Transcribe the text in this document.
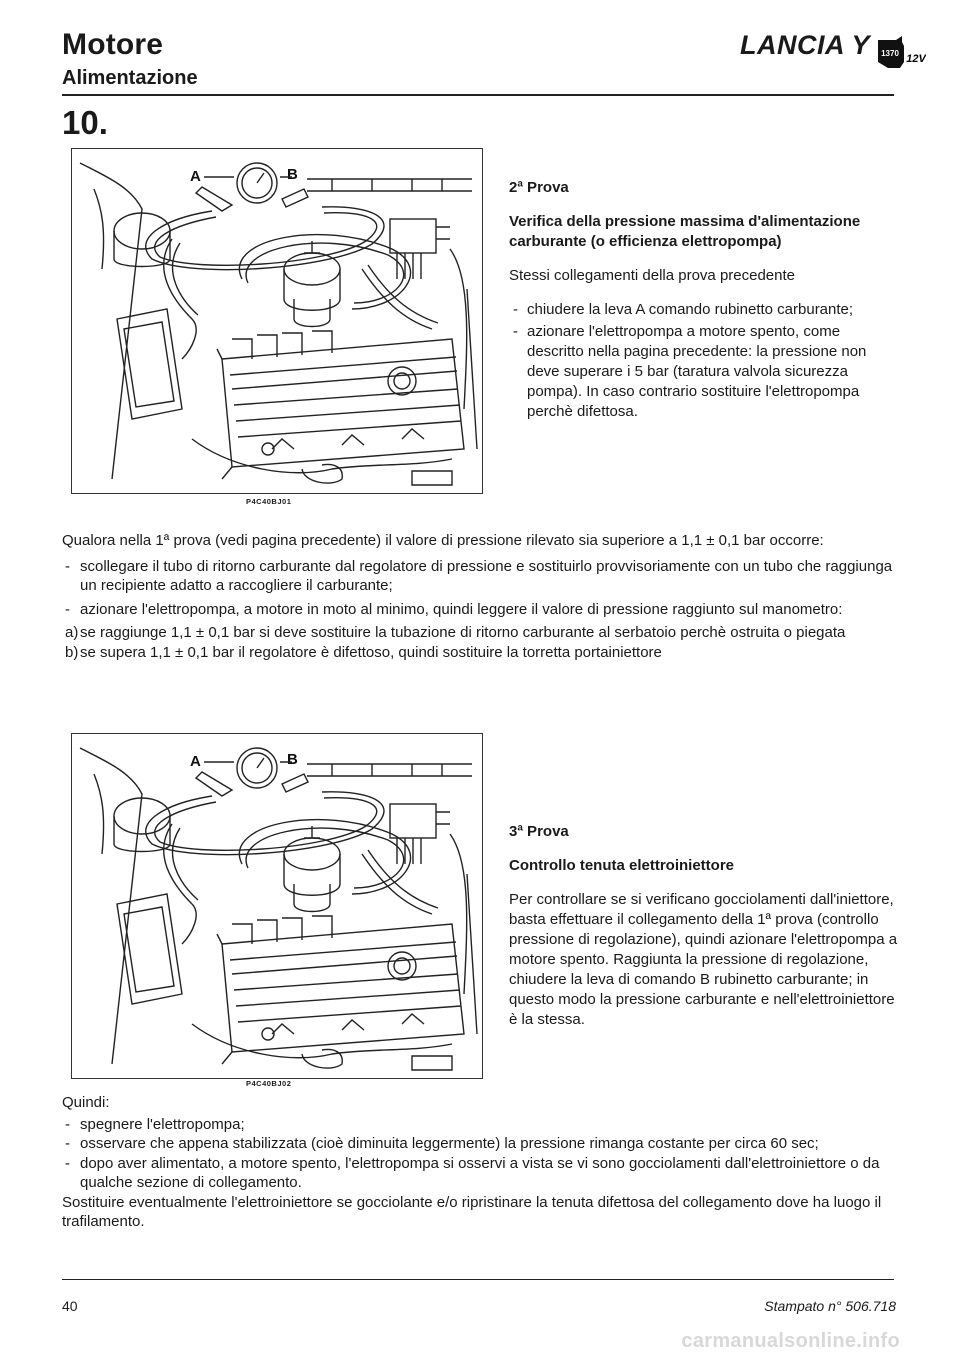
Motore
Alimentazione
LANCIA Y 1370 12V
10.
A	B
P4C40BJ01
2ª Prova
Verifica della pressione massima d'alimentazione carburante (o efficienza elettropompa)
Stessi collegamenti della prova precedente
- chiudere la leva A comando rubinetto carburante;
- azionare l'elettropompa a motore spento, come descritto nella pagina precedente: la pressione non deve superare i 5 bar (taratura valvola sicurezza pompa). In caso contrario sostituire l'elettropompa perchè difettosa.

Qualora nella 1ª prova (vedi pagina precedente) il valore di pressione rilevato sia superiore a 1,1 ± 0,1 bar occorre:

- scollegare il tubo di ritorno carburante dal regolatore di pressione e sostituirlo provvisoriamente con un tubo che raggiunga un recipiente adatto a raccogliere il carburante;
- azionare l'elettropompa, a motore in moto al minimo, quindi leggere il valore di pressione raggiunto sul manometro:
a) se raggiunge 1,1 ± 0,1 bar si deve sostituire la tubazione di ritorno carburante al serbatoio perchè ostruita o piegata
b) se supera 1,1 ± 0,1 bar il regolatore è difettoso, quindi sostituire la torretta portainiettore
A	B
P4C40BJ02
3ª Prova
Controllo tenuta elettroiniettore
Per controllare se si verificano gocciolamenti dall'iniettore, basta effettuare il collegamento della 1ª prova (controllo pressione di regolazione), quindi azionare l'elettropompa a motore spento. Raggiunta la pressione di regolazione, chiudere la leva di comando B rubinetto carburante; in questo modo la pressione carburante e nell'elettroiniettore è la stessa.

Quindi:

- spegnere l'elettropompa;
- osservare che appena stabilizzata (cioè diminuita leggermente) la pressione rimanga costante per circa 60 sec;
- dopo aver alimentato, a motore spento, l'elettropompa si osservi a vista se vi sono gocciolamenti dall'elettroiniettore o da qualche sezione di collegamento.

Sostituire eventualmente l'elettroiniettore se gocciolante e/o ripristinare la tenuta difettosa del collegamento dove ha luogo il trafilamento.

40	Stampato n° 506.718
carmanualsonline.info
